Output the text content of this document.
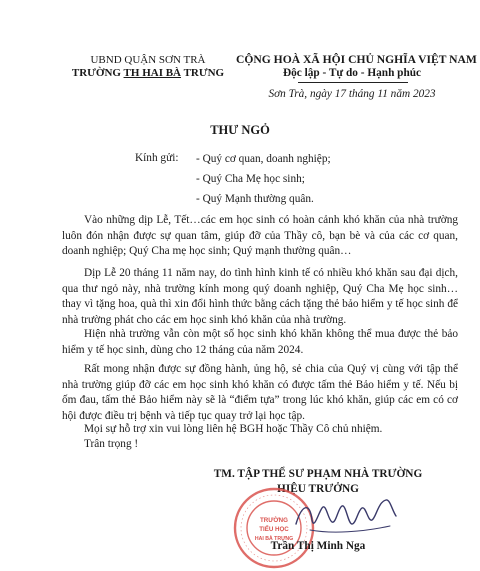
UBND QUẬN SƠN TRÀ
TRƯỜNG TH HAI BÀ TRƯNG
CỘNG HOÀ XÃ HỘI CHỦ NGHĨA VIỆT NAM
Độc lập - Tự do - Hạnh phúc
Sơn Trà, ngày 17 tháng 11 năm 2023
THƯ NGỎ
Kính gửi: - Quý cơ quan, doanh nghiệp;
- Quý Cha Mẹ học sinh;
- Quý Mạnh thường quân.
Vào những dịp Lễ, Tết…các em học sinh có hoàn cảnh khó khăn của nhà trường luôn đón nhận được sự quan tâm, giúp đỡ của Thầy cô, bạn bè và của các cơ quan, doanh nghiệp; Quý Cha mẹ học sinh; Quý mạnh thường quân…
Dịp Lễ 20 tháng 11 năm nay, do tình hình kinh tế có nhiều khó khăn sau đại dịch, qua thư ngỏ này, nhà trường kính mong quý doanh nghiệp, Quý Cha Mẹ học sinh… thay vì tặng hoa, quà thì xin đổi hình thức bằng cách tặng thẻ bảo hiểm y tế học sinh để nhà trường phát cho các em học sinh khó khăn của nhà trường.
Hiện nhà trường vẫn còn một số học sinh khó khăn không thể mua được thẻ bảo hiểm y tế học sinh, dùng cho 12 tháng của năm 2024.
Rất mong nhận được sự đồng hành, ủng hộ, sẻ chia của Quý vị cùng với tập thể nhà trường giúp đỡ các em học sinh khó khăn có được tấm thẻ Bảo hiểm y tế. Nếu bị ốm đau, tấm thẻ Bảo hiểm này sẽ là “điểm tựa” trong lúc khó khăn, giúp các em có cơ hội được điều trị bệnh và tiếp tục quay trở lại học tập.
Mọi sự hỗ trợ xin vui lòng liên hệ BGH hoặc Thầy Cô chủ nhiệm.
Trân trọng !
TM. TẬP THỂ SƯ PHẠM NHÀ TRƯỜNG
HIỆU TRƯỞNG
TRƯỜNG
TIỂU HỌC
HAI BÀ TRƯNG
Trần Thị Minh Nga
